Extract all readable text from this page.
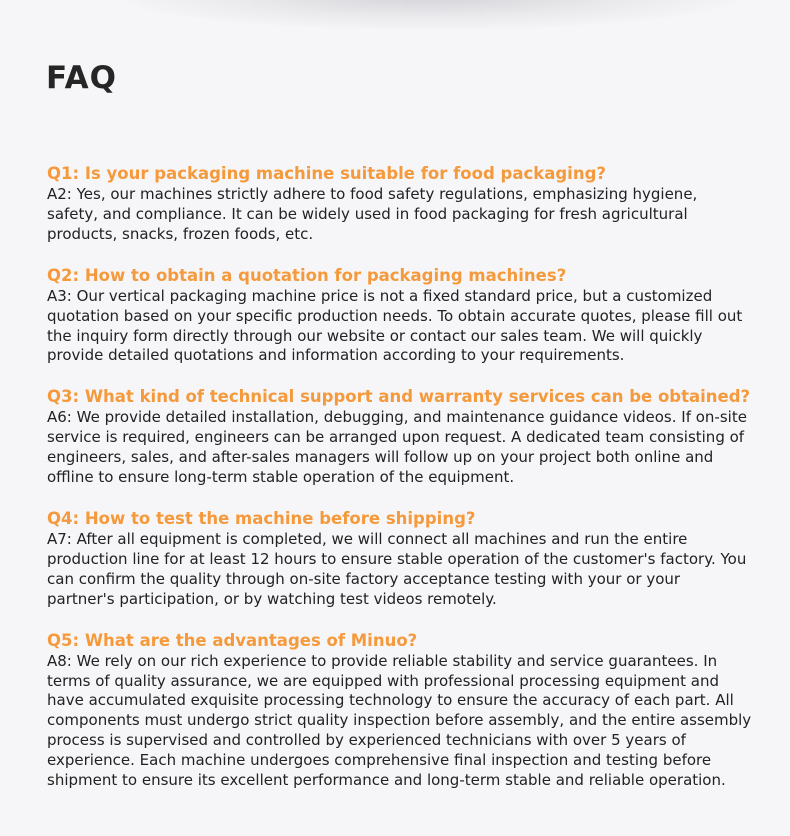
FAQ

Q1: Is your packaging machine suitable for food packaging?

A2: Yes, our machines strictly adhere to food safety regulations, emphasizing hygiene, safety, and compliance. It can be widely used in food packaging for fresh agricultural products, snacks, frozen foods, etc.

Q2: How to obtain a quotation for packaging machines?

A3: Our vertical packaging machine price is not a fixed standard price, but a customized quotation based on your specific production needs. To obtain accurate quotes, please fill out the inquiry form directly through our website or contact our sales team. We will quickly provide detailed quotations and information according to your requirements.

Q3: What kind of technical support and warranty services can be obtained?

A6: We provide detailed installation, debugging, and maintenance guidance videos. If on-site service is required, engineers can be arranged upon request. A dedicated team consisting of engineers, sales, and after-sales managers will follow up on your project both online and offline to ensure long-term stable operation of the equipment.

Q4: How to test the machine before shipping?

A7: After all equipment is completed, we will connect all machines and run the entire production line for at least 12 hours to ensure stable operation of the customer's factory. You can confirm the quality through on-site factory acceptance testing with your or your partner's participation, or by watching test videos remotely.

Q5: What are the advantages of Minuo?

A8: We rely on our rich experience to provide reliable stability and service guarantees. In terms of quality assurance, we are equipped with professional processing equipment and have accumulated exquisite processing technology to ensure the accuracy of each part. All components must undergo strict quality inspection before assembly, and the entire assembly process is supervised and controlled by experienced technicians with over 5 years of experience. Each machine undergoes comprehensive final inspection and testing before shipment to ensure its excellent performance and long-term stable and reliable operation.
